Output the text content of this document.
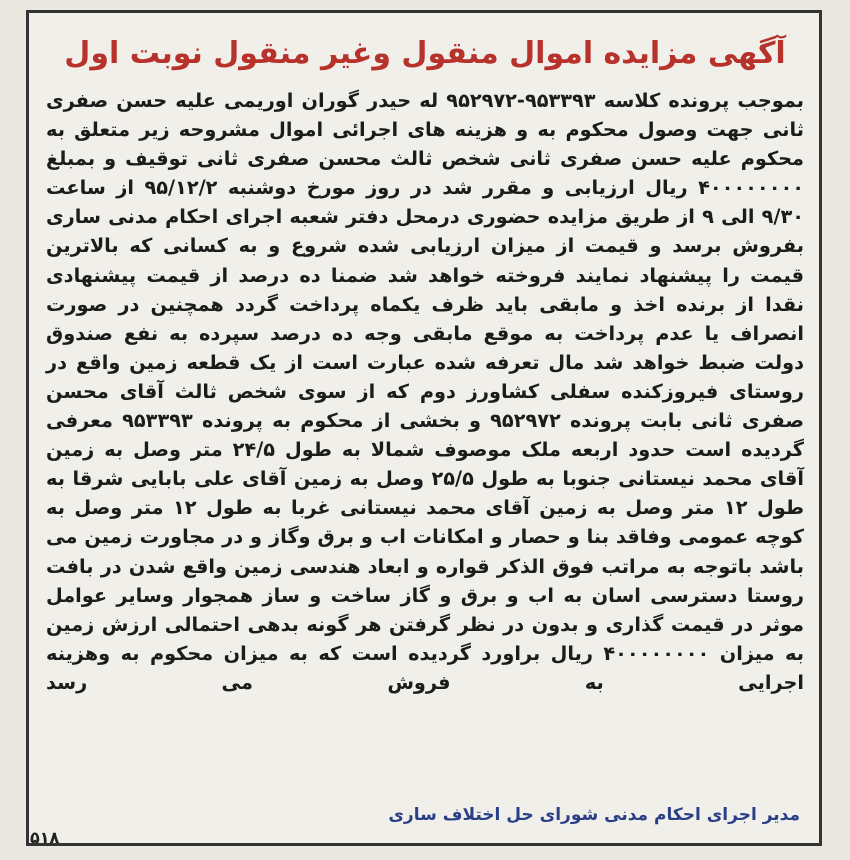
آگهی مزایده اموال منقول وغیر منقول نوبت اول

بموجب پرونده کلاسه ۹۵۳۳۹۳-۹۵۲۹۷۲ له حیدر گوران اوریمی علیه حسن صفری ثانی جهت وصول محکوم به و هزینه های اجرائی اموال مشروحه زیر متعلق به محکوم علیه حسن صفری ثانی شخص ثالث محسن صفری ثانی توقیف و بمبلغ ۴۰۰۰۰۰۰۰۰ ریال ارزیابی و مقرر شد در روز مورخ دوشنبه ۹۵/۱۲/۲ از ساعت ۹/۳۰ الی ۹ از طریق مزایده حضوری درمحل دفتر شعبه اجرای احکام مدنی ساری بفروش برسد و قیمت از میزان ارزیابی شده شروع و به کسانی که بالاترین قیمت را پیشنهاد نمایند فروخته خواهد شد ضمنا ده درصد از قیمت پیشنهادی نقدا از برنده اخذ و مابقی باید ظرف یکماه پرداخت گردد همچنین در صورت انصراف یا عدم پرداخت به موقع مابقی وجه ده درصد سپرده به نفع صندوق دولت ضبط خواهد شد مال تعرفه شده عبارت است از یک قطعه زمین واقع در روستای فیروزکنده سفلی کشاورز دوم که از سوی شخص ثالث آقای محسن صفری ثانی بابت پرونده ۹۵۲۹۷۲ و بخشی از محکوم به پرونده ۹۵۳۳۹۳ معرفی گردیده است حدود اربعه ملک موصوف شمالا به طول ۲۴/۵ متر وصل به زمین آقای محمد نیستانی جنوبا به طول ۲۵/۵ وصل به زمین آقای علی بابایی شرقا به طول ۱۲ متر وصل به زمین آقای محمد نیستانی غربا به طول ۱۲ متر وصل به کوچه عمومی وفاقد بنا و حصار و امکانات اب و برق وگاز و در مجاورت زمین می باشد باتوجه به مراتب فوق الذکر قواره و ابعاد هندسی زمین واقع شدن در بافت روستا دسترسی اسان به اب و برق و گاز ساخت و ساز همجوار وسایر عوامل موثر در قیمت گذاری و بدون در نظر گرفتن هر گونه بدهی احتمالی ارزش زمین به میزان ۴۰۰۰۰۰۰۰۰ ریال براورد گردیده است که به میزان محکوم به وهزینه اجرایی به فروش می رسد

مدیر اجرای احکام مدنی شورای حل اختلاف ساری
۵۱۸
